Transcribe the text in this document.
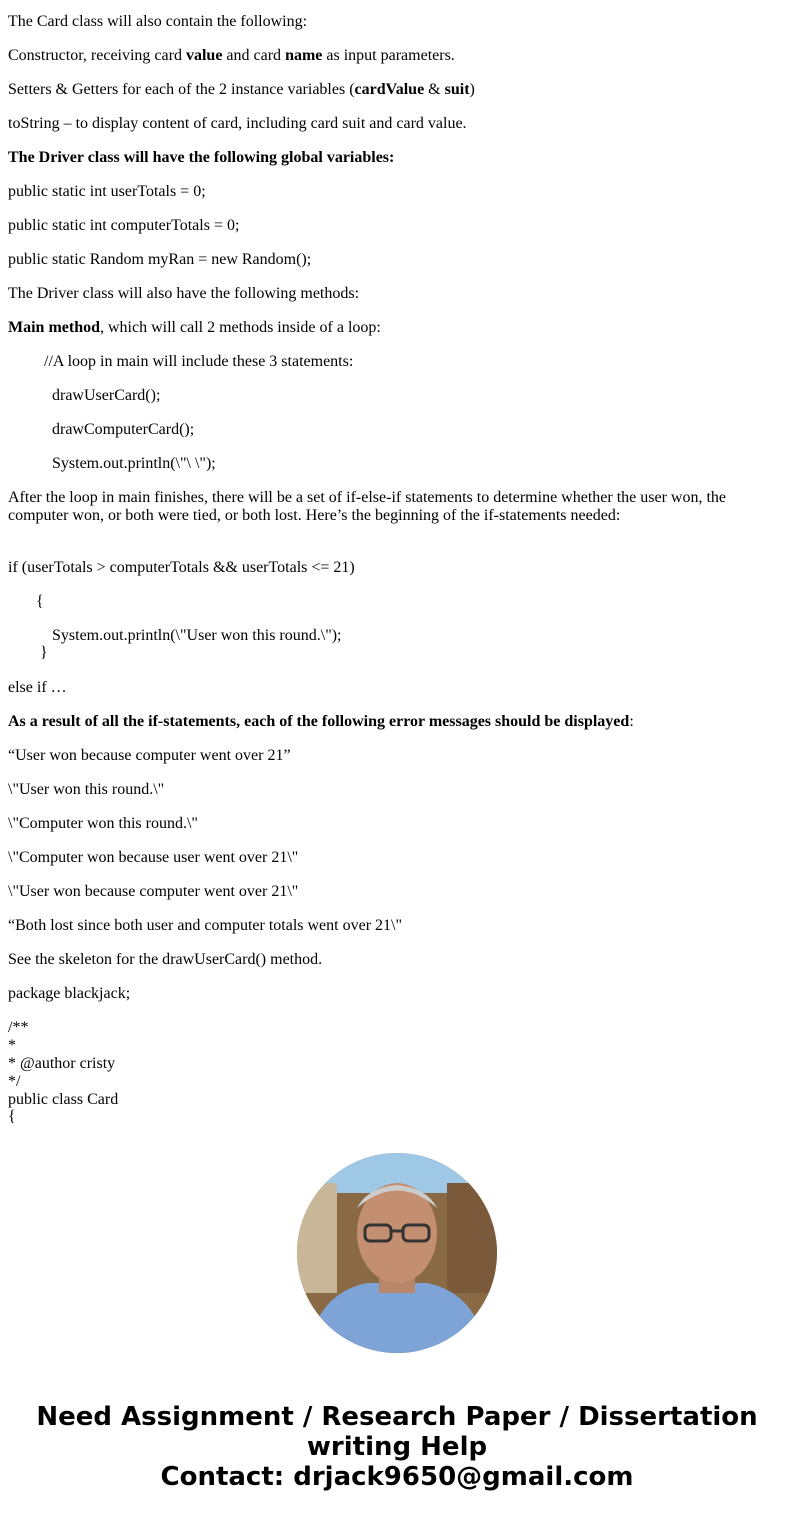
The Card class will also contain the following:
Constructor, receiving card value and card name as input parameters.
Setters & Getters for each of the 2 instance variables (cardValue & suit)
toString – to display content of card, including card suit and card value.
The Driver class will have the following global variables:
public static int userTotals = 0;
public static int computerTotals = 0;
public static Random myRan = new Random();
The Driver class will also have the following methods:
Main method, which will call 2 methods inside of a loop:
//A loop in main will include these 3 statements:
drawUserCard();
drawComputerCard();
System.out.println(\"\ \");
After the loop in main finishes, there will be a set of if-else-if statements to determine whether the user won, the computer won, or both were tied, or both lost. Here’s the beginning of the if-statements needed:
if (userTotals > computerTotals && userTotals <= 21)
{
System.out.println(\"User won this round.\");
}
else if …
As a result of all the if-statements, each of the following error messages should be displayed:
“User won because computer went over 21”
\"User won this round.\"
\"Computer won this round.\"
\"Computer won because user went over 21\"
\"User won because computer went over 21\"
“Both lost since both user and computer totals went over 21\"
See the skeleton for the drawUserCard() method.
package blackjack;
/**
*
* @author cristy
*/
public class Card
{
Need Assignment / Research Paper / Dissertation
writing Help
Contact: drjack9650@gmail.com
